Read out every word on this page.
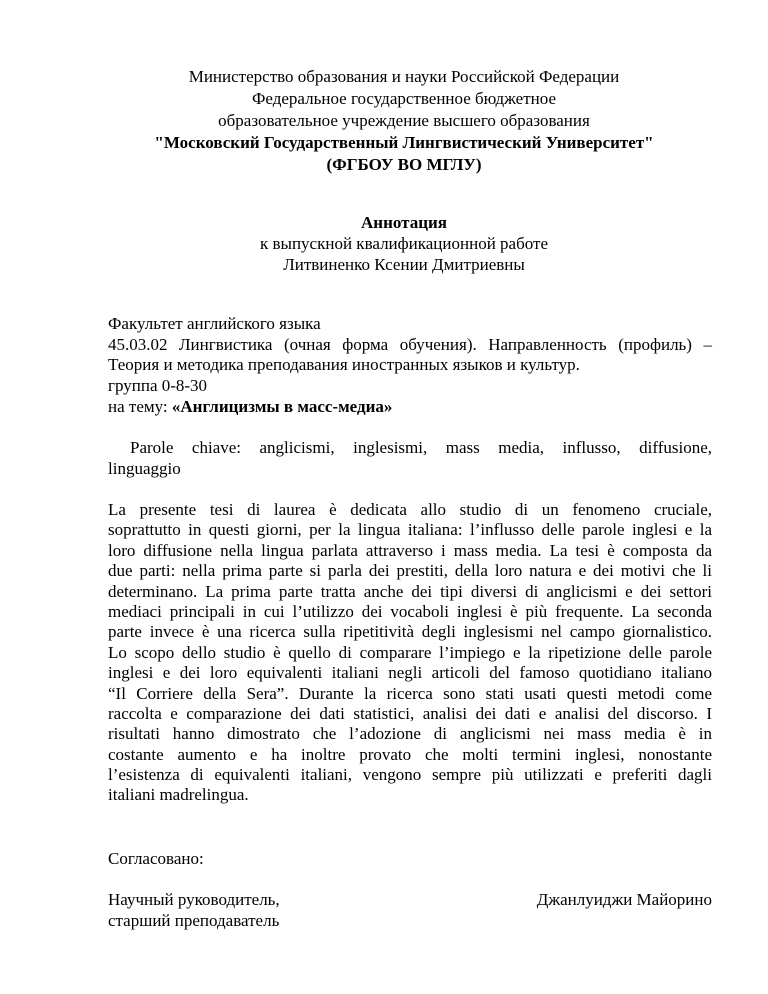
Министерство образования и науки Российской Федерации
Федеральное государственное бюджетное
образовательное учреждение высшего образования
"Московский Государственный Лингвистический Университет"
(ФГБОУ ВО МГЛУ)
Аннотация
к выпускной квалификационной работе
Литвиненко Ксении Дмитриевны
Факультет английского языка
45.03.02 Лингвистика (очная форма обучения). Направленность (профиль) –
Теория и методика преподавания иностранных языков и культур.
группа 0-8-30
на тему: «Англицизмы в масс-медиа»
Parole chiave: anglicismi, inglesismi, mass media, influsso, diffusione,
linguaggio
La presente tesi di laurea è dedicata allo studio di un fenomeno cruciale,
soprattutto in questi giorni, per la lingua italiana: l’influsso delle parole inglesi e la
loro diffusione nella lingua parlata attraverso i mass media. La tesi è composta da
due parti: nella prima parte si parla dei prestiti, della loro natura e dei motivi che li
determinano. La prima parte tratta anche dei tipi diversi di anglicismi e dei settori
mediaci principali in cui l’utilizzo dei vocaboli inglesi è più frequente. La seconda
parte invece è una ricerca sulla ripetitività degli inglesismi nel campo giornalistico.
Lo scopo dello studio è quello di comparare l’impiego e la ripetizione delle parole
inglesi e dei loro equivalenti italiani negli articoli del famoso quotidiano italiano
“Il Corriere della Sera”. Durante la ricerca sono stati usati questi metodi come
raccolta e comparazione dei dati statistici, analisi dei dati e analisi del discorso. I
risultati hanno dimostrato che l’adozione di anglicismi nei mass media è in
costante aumento e ha inoltre provato che molti termini inglesi, nonostante
l’esistenza di equivalenti italiani, vengono sempre più utilizzati e preferiti dagli
italiani madrelingua.
Согласовано:
Научный руководитель,
старший преподаватель
Джанлуиджи Майорино
